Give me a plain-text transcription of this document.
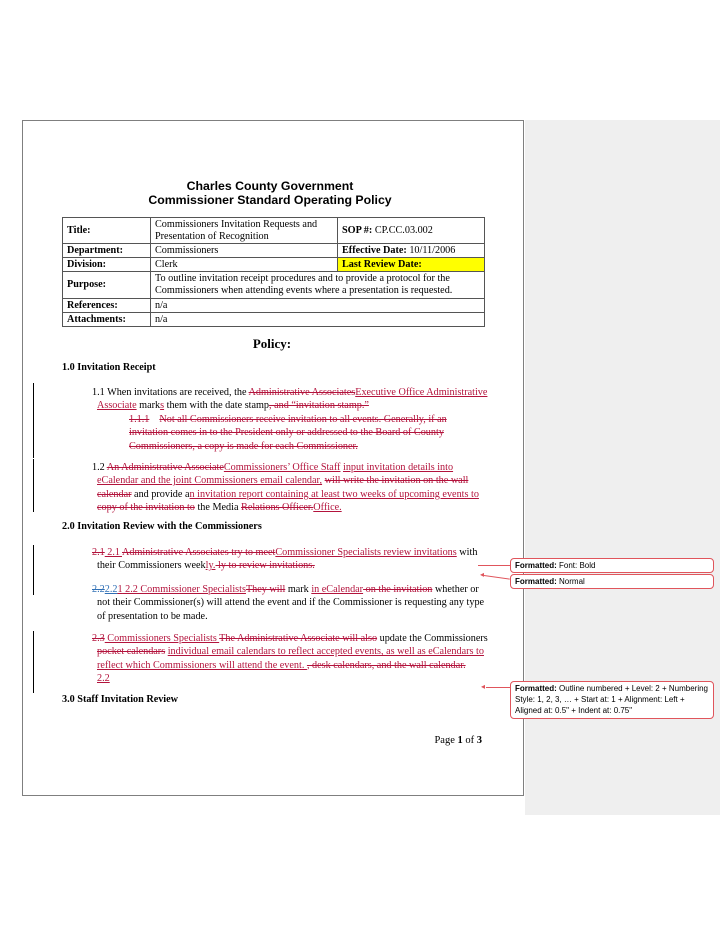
Charles County Government
Commissioner Standard Operating Policy
Title:	Commissioners Invitation Requests and Presentation of Recognition	SOP #: CP.CC.03.002
Department:	Commissioners	Effective Date: 10/11/2006
Division:	Clerk	Last Review Date:
Purpose:	To outline invitation receipt procedures and to provide a protocol for the Commissioners when attending events where a presentation is requested.	
References:	n/a	
Attachments:	n/a	
Policy:
1.0 Invitation Receipt
1.1 When invitations are received, the Administrative AssociatesExecutive Office Administrative Associate marks them with the date stamp, and “invitation stamp.”
1.1.1 Not all Commissioners receive invitation to all events. Generally, if an invitation comes in to the President only or addressed to the Board of County Commissioners, a copy is made for each Commissioner.
1.2 An Administrative AssociateCommissioners’ Office Staff input invitation details into eCalendar and the joint Commissioners email calendar, will write the invitation on the wall calendar and provide an invitation report containing at least two weeks of upcoming events to copy of the invitation to the Media Relations Officer.Office.
2.0 Invitation Review with the Commissioners
2.1 2.1 Administrative Associates try to meetCommissioner Specialists review invitations with their Commissioners weekly. ly to review invitations.
2.22.21 2.2 Commissioner SpecialistsThey will mark in eCalendar on the invitation whether or not their Commissioner(s) will attend the event and if the Commissioner is requesting any type of presentation to be made.
2.3 Commissioners Specialists The Administrative Associate will also update the Commissioners pocket calendars individual email calendars to reflect accepted events, as well as eCalendars to reflect which Commissioners will attend the event. , desk calendars, and the wall calendar.
2.2
3.0 Staff Invitation Review
Formatted: Font: Bold
◂
Formatted: Normal
◂	Formatted: Outline numbered + Level: 2 + Numbering Style: 1, 2, 3, … + Start at: 1 + Alignment: Left + Aligned at: 0.5" + Indent at: 0.75"
Page 1 of 3
